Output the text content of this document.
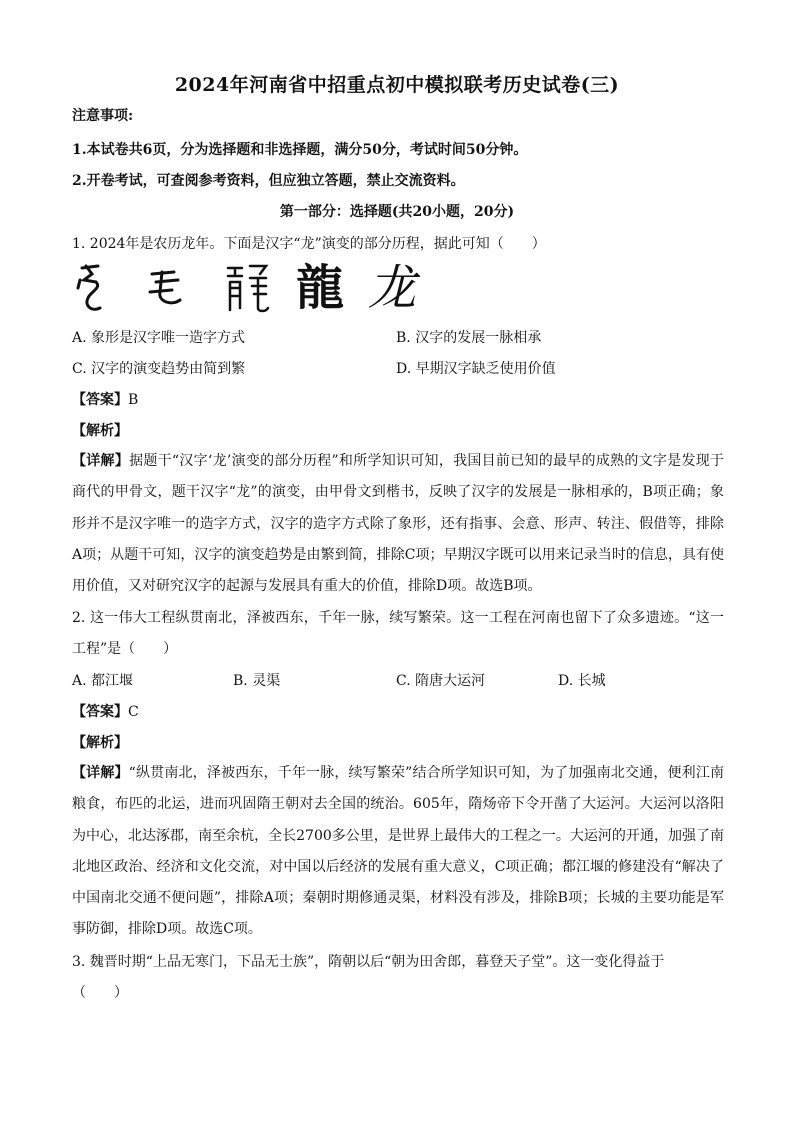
2024年河南省中招重点初中模拟联考历史试卷(三)
注意事项:
1.本试卷共6页，分为选择题和非选择题，满分50分，考试时间50分钟。
2.开卷考试，可查阅参考资料，但应独立答题，禁止交流资料。
第一部分：选择题(共20小题，20分)
1. 2024年是农历龙年。下面是汉字“龙”演变的部分历程，据此可知（　　）
龍 龙
A. 象形是汉字唯一造字方式	B. 汉字的发展一脉相承
C. 汉字的演变趋势由简到繁	D. 早期汉字缺乏使用价值
【答案】B
【解析】
【详解】据题干“汉字‘龙’演变的部分历程”和所学知识可知，我国目前已知的最早的成熟的文字是发现于商代的甲骨文，题干汉字“龙”的演变，由甲骨文到楷书，反映了汉字的发展是一脉相承的，B项正确；象形并不是汉字唯一的造字方式，汉字的造字方式除了象形，还有指事、会意、形声、转注、假借等，排除A项；从题干可知，汉字的演变趋势是由繁到简，排除C项；早期汉字既可以用来记录当时的信息，具有使用价值，又对研究汉字的起源与发展具有重大的价值，排除D项。故选B项。
2. 这一伟大工程纵贯南北，泽被西东，千年一脉，续写繁荣。这一工程在河南也留下了众多遗迹。“这一工程”是（　　）
A. 都江堰	B. 灵渠	C. 隋唐大运河	D. 长城
【答案】C
【解析】
【详解】“纵贯南北，泽被西东，千年一脉，续写繁荣”结合所学知识可知，为了加强南北交通，便利江南粮食，布匹的北运，进而巩固隋王朝对去全国的统治。605年，隋炀帝下令开凿了大运河。大运河以洛阳为中心，北达涿郡，南至余杭，全长2700多公里，是世界上最伟大的工程之一。大运河的开通，加强了南北地区政治、经济和文化交流，对中国以后经济的发展有重大意义，C项正确；都江堰的修建没有“解决了中国南北交通不便问题”，排除A项；秦朝时期修通灵渠，材料没有涉及，排除B项；长城的主要功能是军事防御，排除D项。故选C项。
3. 魏晋时期“上品无寒门，下品无士族”，隋朝以后“朝为田舍郎，暮登天子堂”。这一变化得益于
（　　）
